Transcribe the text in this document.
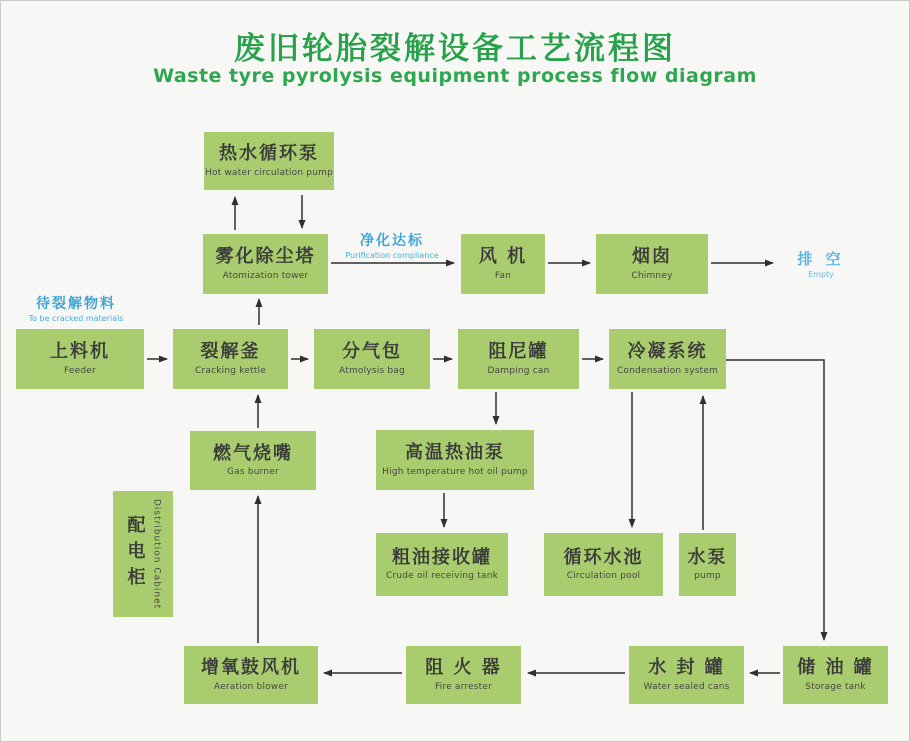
废旧轮胎裂解设备工艺流程图
Waste tyre pyrolysis equipment process flow diagram
热水循环泵
Hot water circulation pump
雾化除尘塔
Atomization tower
风 机
Fan
烟囱
Chimney
上料机
Feeder
裂解釜
Cracking kettle
分气包
Atmolysis bag
阻尼罐
Damping can
冷凝系统
Condensation system
燃气烧嘴
Gas burner
高温热油泵
High temperature hot oil pump
配电柜 Distribution Cabinet	粗油接收罐
Crude oil receiving tank
循环水池
Circulation pool
水泵
pump
增氧鼓风机
Aeration blower
阻 火 器
Fire arrester
水 封 罐
Water sealed cans
储 油 罐
Storage tank
净化达标
Purification compliance
待裂解物料
To be cracked materials
排 空
Empty
